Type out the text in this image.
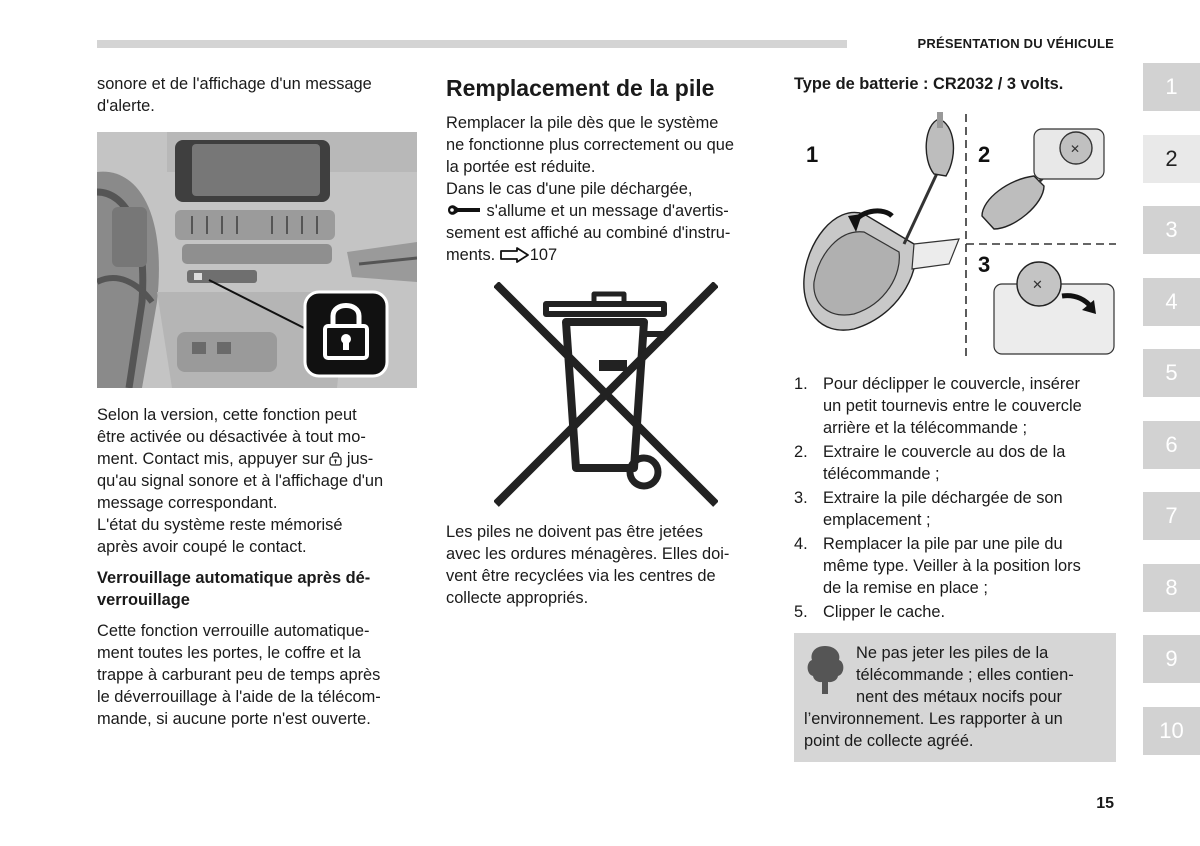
PRÉSENTATION DU VÉHICULE

sonore et de l'affichage d'un message

d'alerte.

Selon la version, cette fonction peut

être activée ou désactivée à tout mo-

ment. Contact mis, appuyer sur  jus-

qu'au signal sonore et à l'affichage d'un

message correspondant.

L'état du système reste mémorisé

après avoir coupé le contact.

Verrouillage automatique après dé-
verrouillage

Cette fonction verrouille automatique-

ment toutes les portes, le coffre et la

trappe à carburant peu de temps après

le déverrouillage à l'aide de la télécom-

mande, si aucune porte n'est ouverte.

Remplacement de la pile

Remplacer la pile dès que le système

ne fonctionne plus correctement ou que

la portée est réduite.

Dans le cas d'une pile déchargée,

s'allume et un message d'avertis-

sement est affiché au combiné d'instru-

ments. 107

Les piles ne doivent pas être jetées

avec les ordures ménagères. Elles doi-

vent être recyclées via les centres de

collecte appropriés.

Type de batterie : CR2032 / 3 volts.
1	2
3
✕
✕
1. Pour déclipper le couvercle, insérer
un petit tournevis entre le couvercle
arrière et la télécommande ;
2. Extraire le couvercle au dos de la
télécommande ;
3. Extraire la pile déchargée de son
emplacement ;
4. Remplacer la pile par une pile du
même type. Veiller à la position lors
de la remise en place ;
5. Clipper le cache.
Ne pas jeter les piles de la
télécommande ; elles contien-
nent des métaux nocifs pour
l’environnement. Les rapporter à un
point de collecte agréé.
1
2
3
4
5
6
7
8
9
10
15
